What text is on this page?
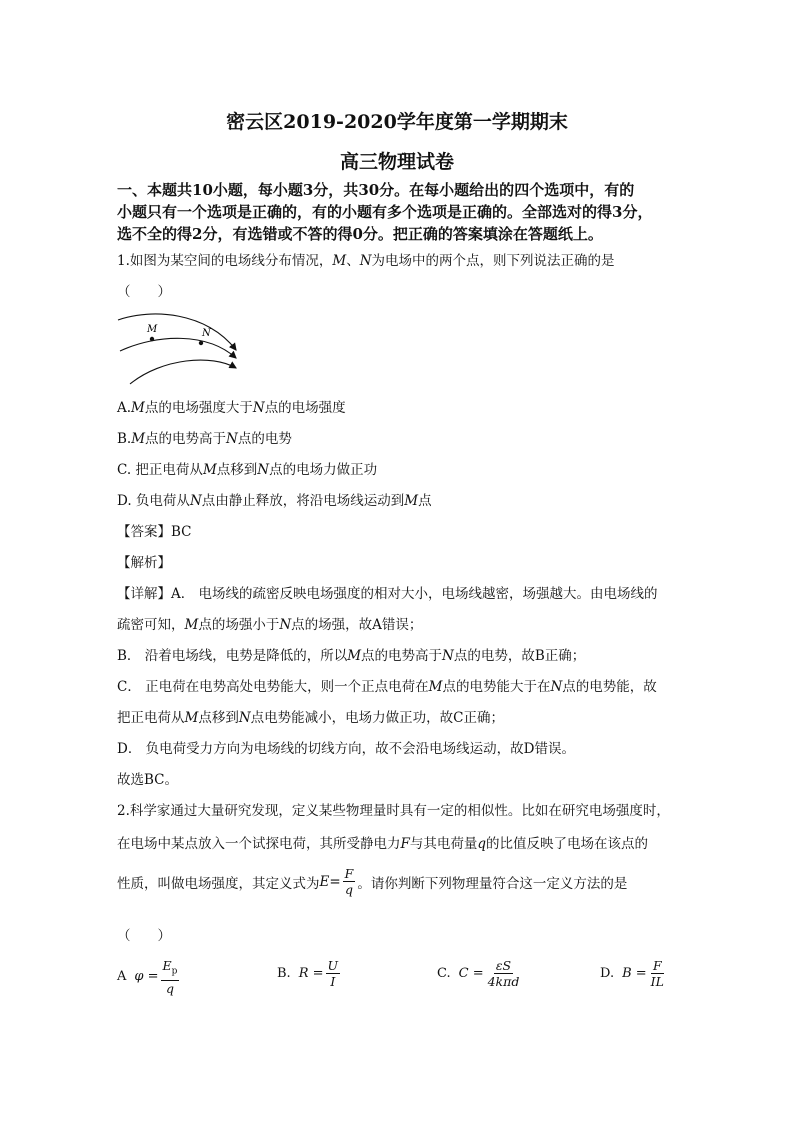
密云区2019-2020学年度第一学期期末
高三物理试卷
一、本题共10小题，每小题3分，共30分。在每小题给出的四个选项中，有的
小题只有一个选项是正确的，有的小题有多个选项是正确的。全部选对的得3分，
选不全的得2分，有选错或不答的得0分。把正确的答案填涂在答题纸上。
1.如图为某空间的电场线分布情况，M、N为电场中的两个点，则下列说法正确的是
（　　）
M	N
A.M点的电场强度大于N点的电场强度
B.M点的电势高于N点的电势
C. 把正电荷从M点移到N点的电场力做正功
D. 负电荷从N点由静止释放，将沿电场线运动到M点
【答案】BC
【解析】
【详解】A． 电场线的疏密反映电场强度的相对大小，电场线越密，场强越大。由电场线的
疏密可知，M点的场强小于N点的场强，故A错误；
B． 沿着电场线，电势是降低的，所以M点的电势高于N点的电势，故B正确；
C． 正电荷在电势高处电势能大，则一个正点电荷在M点的电势能大于在N点的电势能，故
把正电荷从M点移到N点电势能减小，电场力做正功，故C正确；
D． 负电荷受力方向为电场线的切线方向，故不会沿电场线运动，故D错误。
故选BC。
2.科学家通过大量研究发现，定义某些物理量时具有一定的相似性。比如在研究电场强度时，
在电场中某点放入一个试探电荷，其所受静电力F与其电荷量q的比值反映了电场在该点的
性质，叫做电场强度，其定义式为 $E= \frac{F}{q}$ 。请你判断下列物理量符合这一定义方法的是
（　　）
A $\varphi = \frac{E_p}{q}$	B. $R = \frac{U}{I}$	C. $C = \frac{\varepsilon S}{\text{4kπd}}$	D. $B = \frac{F}{IL}$
